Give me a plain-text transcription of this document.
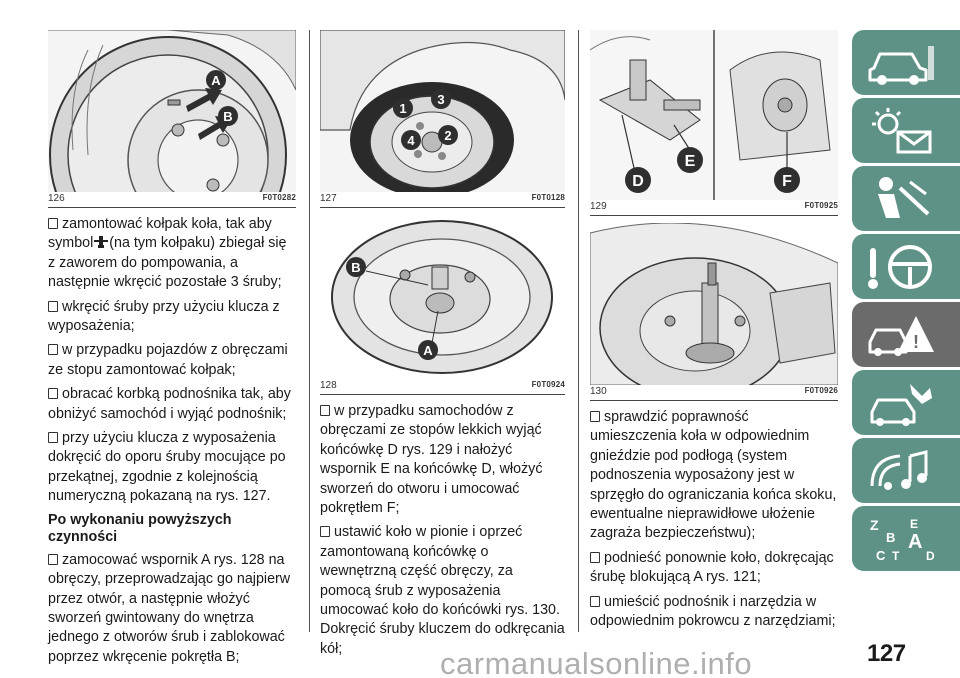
A
B
126	F0T0282

zamontować kołpak koła, tak aby symbol (na tym kołpaku) zbiegał się z zaworem do pompowania, a następnie wkręcić pozostałe 3 śruby;

wkręcić śruby przy użyciu klucza z wyposażenia;

w przypadku pojazdów z obręczami ze stopu zamontować kołpak;

obracać korbką podnośnika tak, aby obniżyć samochód i wyjąć podnośnik;

przy użyciu klucza z wyposażenia dokręcić do oporu śruby mocujące po przekątnej, zgodnie z kolejnością numeryczną pokazaną na rys. 127.

Po wykonaniu powyższych czynności

zamocować wspornik A rys. 128 na obręczy, przeprowadzając go najpierw przez otwór, a następnie włożyć sworzeń gwintowany do wnętrza jednego z otworów śrub i zablokować poprzez wkręcenie pokrętła B;

1
2
3
4
127	F0T0128
B
A
128	F0T0924

w przypadku samochodów z obręczami ze stopów lekkich wyjąć końcówkę D rys. 129 i nałożyć wspornik E na końcówkę D, włożyć sworzeń do otworu i umocować pokrętłem F;

ustawić koło w pionie i oprzeć zamontowaną końcówkę o wewnętrzną część obręczy, za pomocą śrub z wyposażenia umocować koło do końcówki rys. 130. Dokręcić śruby kluczem do odkręcania kół;

D
E
F
129	F0T0925
130	F0T0926

sprawdzić poprawność umieszczenia koła w odpowiednim gnieździe pod podłogą (system podnoszenia wyposażony jest w sprzęgło do ograniczania końca skoku, ewentualne nieprawidłowe ułożenie zagraża bezpieczeństwu);

podnieść ponownie koło, dokręcając śrubę blokującą A rys. 121;

umieścić podnośnik i narzędzia w odpowiednim pokrowcu z narzędziami;

!
Z	E
B A
C T D
carmanualsonline.info	127
